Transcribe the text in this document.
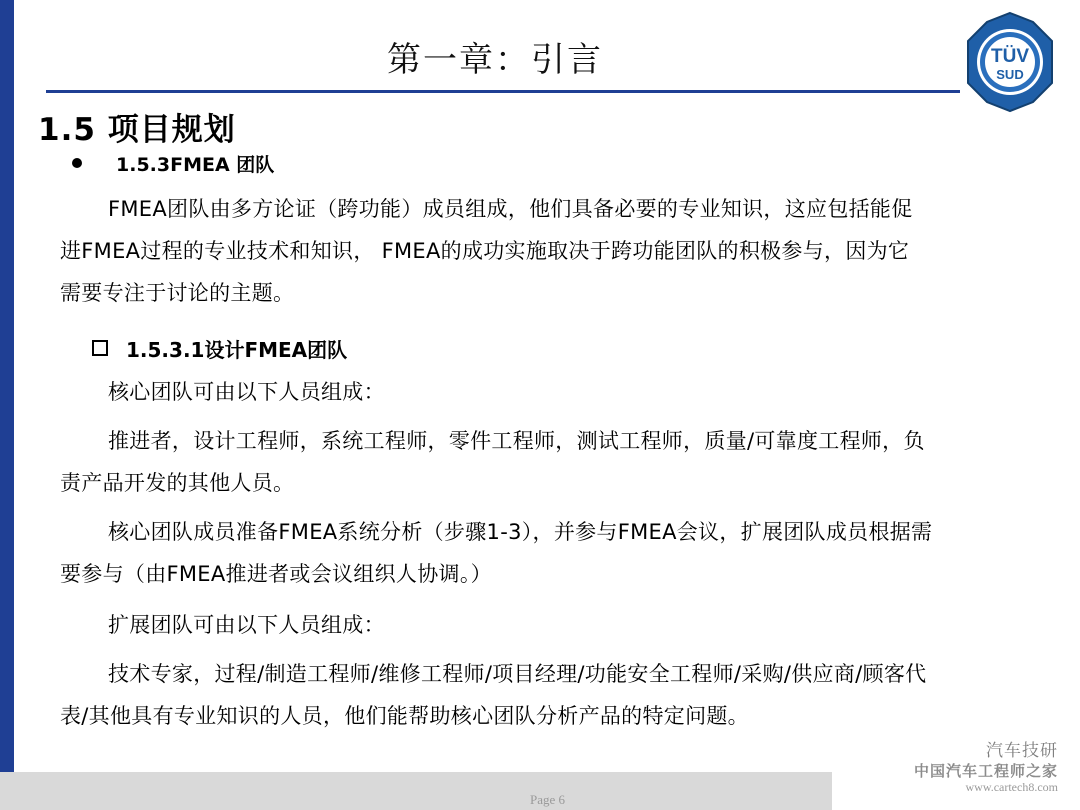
第一章：引言	TÜV
SUD
1.5 项目规划
1.5.3FMEA 团队
FMEA团队由多方论证（跨功能）成员组成，他们具备必要的专业知识，这应包括能促进FMEA过程的专业技术和知识， FMEA的成功实施取决于跨功能团队的积极参与，因为它需要专注于讨论的主题。
1.5.3.1设计FMEA团队
核心团队可由以下人员组成：
推进者，设计工程师，系统工程师，零件工程师，测试工程师，质量/可靠度工程师，负责产品开发的其他人员。
核心团队成员准备FMEA系统分析（步骤1-3），并参与FMEA会议，扩展团队成员根据需要参与（由FMEA推进者或会议组织人协调。）
扩展团队可由以下人员组成：
技术专家，过程/制造工程师/维修工程师/项目经理/功能安全工程师/采购/供应商/顾客代表/其他具有专业知识的人员，他们能帮助核心团队分析产品的特定问题。
Page 6
汽车技研
中国汽车工程师之家
www.cartech8.com
